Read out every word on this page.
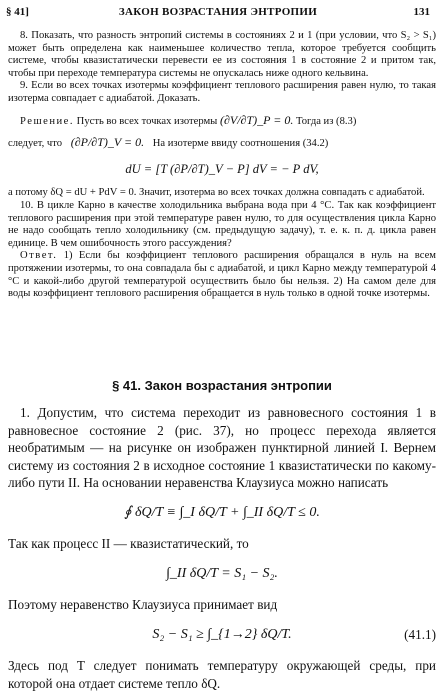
§ 41]	ЗАКОН ВОЗРАСТАНИЯ ЭНТРОПИИ	131

8. Показать, что разность энтропий системы в состояниях 2 и 1 (при условии, что S₂ > S₁) может быть определена как наименьшее количество тепла, которое требуется сообщить системе, чтобы квазистатически перевести ее из состояния 1 в состояние 2 и притом так, чтобы при переходе температура системы не опускалась ниже одного кельвина.

9. Если во всех точках изотермы коэффициент теплового расширения равен нулю, то такая изотерма совпадает с адиабатой. Доказать.

Решение. Пусть во всех точках изотермы (∂V/∂T)_P = 0. Тогда из (8.3)

следует, что (∂P/∂T)_V = 0. На изотерме ввиду соотношения (34.2)

dU = [T (∂P/∂T)_V − P] dV = − P dV,

а потому δQ = dU + PdV = 0. Значит, изотерма во всех точках должна совпадать с адиабатой.

10. В цикле Карно в качестве холодильника выбрана вода при 4 °С. Так как коэффициент теплового расширения при этой температуре равен нулю, то для осуществления цикла Карно не надо сообщать тепло холодильнику (см. предыдущую задачу), т. е. к. п. д. цикла равен единице. В чем ошибочность этого рассуждения?

Ответ. 1) Если бы коэффициент теплового расширения обращался в нуль на всем протяжении изотермы, то она совпадала бы с адиабатой, и цикл Карно между температурой 4 °С и какой-либо другой температурой осуществить было бы нельзя. 2) На самом деле для воды коэффициент теплового расширения обращается в нуль только в одной точке изотермы.

§ 41. Закон возрастания энтропии

1. Допустим, что система переходит из равновесного состояния 1 в равновесное состояние 2 (рис. 37), но процесс перехода является необратимым — на рисунке он изображен пунктирной линией I. Вернем систему из состояния 2 в исходное состояние 1 квазистатически по какому-либо пути II. На основании неравенства Клаузиуса можно написать

∮ δQ/T ≡ ∫_I δQ/T + ∫_II δQ/T ≤ 0.

Так как процесс II — квазистатический, то

∫_II δQ/T = S₁ − S₂.

Поэтому неравенство Клаузиуса принимает вид

S₂ − S₁ ≥ ∫_{1→2} δQ/T.	(41.1)

Здесь под T следует понимать температуру окружающей среды, при которой она отдает системе тепло δQ.
